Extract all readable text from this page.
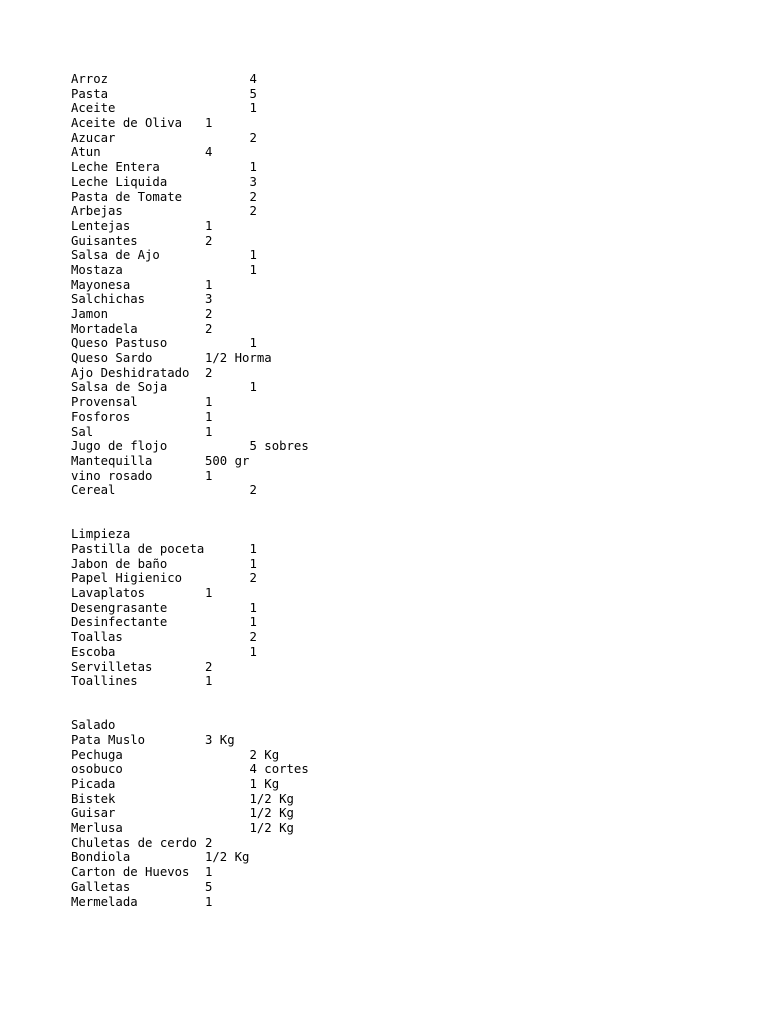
Arroz	4
Pasta	5
Aceite	1
Aceite de Oliva	1
Azucar	2
Atun	4
Leche Entera	1
Leche Liquida	3
Pasta de Tomate	2
Arbejas	2
Lentejas	1
Guisantes	2
Salsa de Ajo	1
Mostaza	1
Mayonesa	1
Salchichas	3
Jamon	2
Mortadela	2
Queso Pastuso	1
Queso Sardo	1/2 Horma
Ajo Deshidratado	2
Salsa de Soja	1
Provensal	1
Fosforos	1
Sal	1
Jugo de flojo	5 sobres
Mantequilla	500 gr
vino rosado	1
Cereal	2
Limpieza
Pastilla de poceta	1
Jabon de baño	1
Papel Higienico	2
Lavaplatos	1
Desengrasante	1
Desinfectante	1
Toallas	2
Escoba	1
Servilletas	2
Toallines	1
Salado
Pata Muslo	3 Kg
Pechuga	2 Kg
osobuco	4 cortes
Picada	1 Kg
Bistek	1/2 Kg
Guisar	1/2 Kg
Merlusa	1/2 Kg
Chuletas de cerdo 2
Bondiola	1/2 Kg
Carton de Huevos	1
Galletas	5
Mermelada	1
